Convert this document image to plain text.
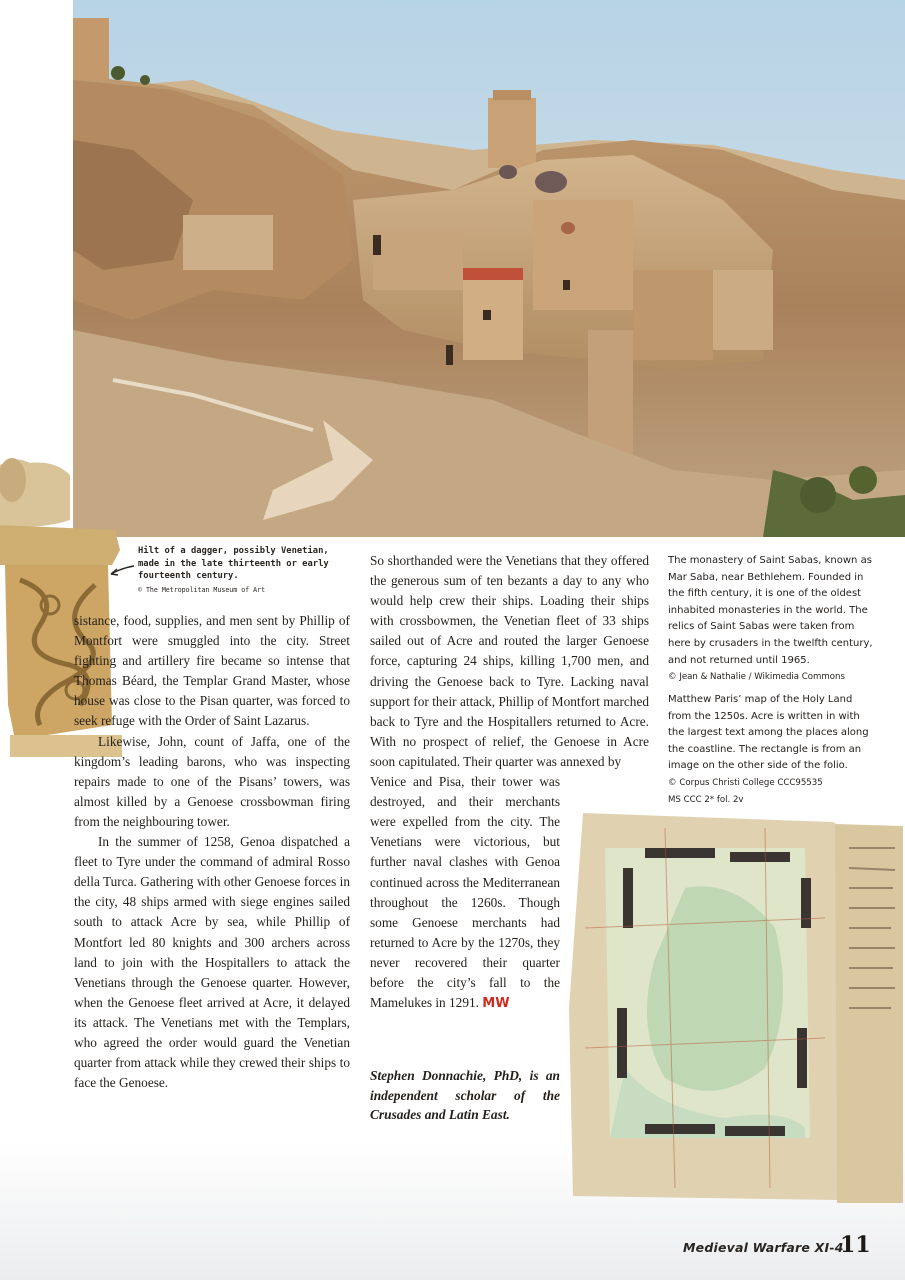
Hilt of a dagger, possibly Venetian, made in the late thirteenth or early fourteenth century.
© The Metropolitan Museum of Art
sistance, food, supplies, and men sent by Phillip of Montfort were smuggled into the city. Street fighting and artillery fire became so intense that Thomas Béard, the Templar Grand Master, whose house was close to the Pisan quarter, was forced to seek refuge with the Order of Saint Lazarus.
Likewise, John, count of Jaffa, one of the kingdom’s leading barons, who was inspecting repairs made to one of the Pisans’ towers, was almost killed by a Genoese crossbowman firing from the neighbouring tower.
In the summer of 1258, Genoa dispatched a fleet to Tyre under the command of admiral Rosso della Turca. Gathering with other Genoese forces in the city, 48 ships armed with siege engines sailed south to attack Acre by sea, while Phillip of Montfort led 80 knights and 300 archers across land to join with the Hospitallers to attack the Venetians through the Genoese quarter. However, when the Genoese fleet arrived at Acre, it delayed its attack. The Venetians met with the Templars, who agreed the order would guard the Venetian quarter from attack while they crewed their ships to face the Genoese.
So shorthanded were the Venetians that they offered the generous sum of ten bezants a day to any who would help crew their ships. Loading their ships with crossbowmen, the Venetian fleet of 33 ships sailed out of Acre and routed the larger Genoese force, capturing 24 ships, killing 1,700 men, and driving the Genoese back to Tyre. Lacking naval support for their attack, Phillip of Montfort marched back to Tyre and the Hospitallers returned to Acre. With no prospect of relief, the Genoese in Acre soon capitulated. Their quarter was annexed by
Venice and Pisa, their tower was destroyed, and their merchants were expelled from the city. The Venetians were victorious, but further naval clashes with Genoa continued across the Mediterranean throughout the 1260s. Though some Genoese merchants had returned to Acre by the 1270s, they never recovered their quarter before the city’s fall to the Mamelukes in 1291. MW
Stephen Donnachie, PhD, is an independent scholar of the Crusades and Latin East.
The monastery of Saint Sabas, known as Mar Saba, near Bethlehem. Founded in the fifth century, it is one of the oldest inhabited monasteries in the world. The relics of Saint Sabas were taken from here by crusaders in the twelfth century, and not returned until 1965.
© Jean & Nathalie / Wikimedia Commons
Matthew Paris’ map of the Holy Land from the 1250s. Acre is written in with the largest text among the places along the coastline. The rectangle is from an image on the other side of the folio.
© Corpus Christi College CCC95535
MS CCC 2* fol. 2v
Medieval Warfare XI-4
11
